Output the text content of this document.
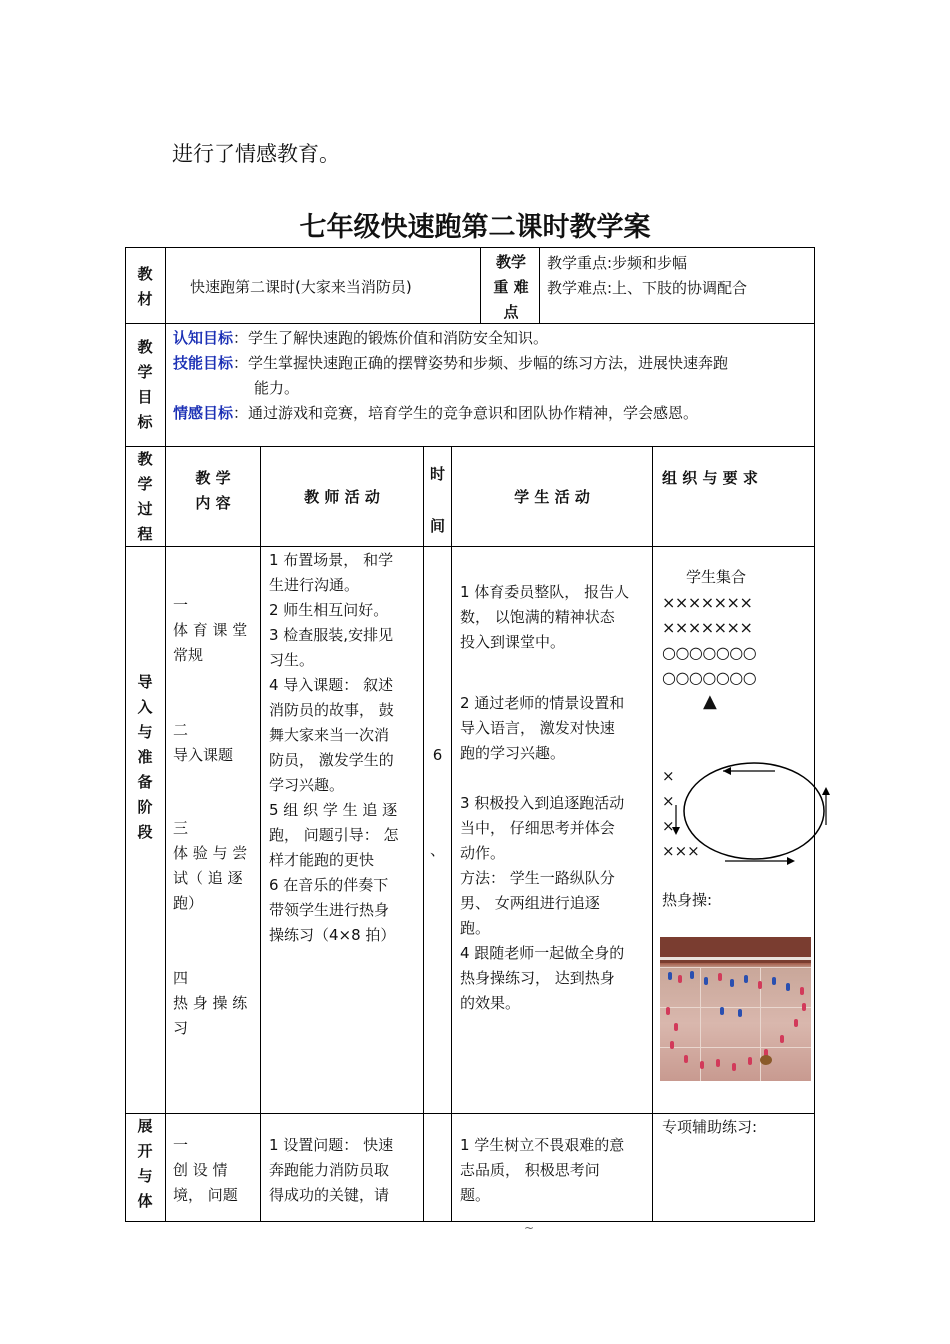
进行了情感教育。
七年级快速跑第二课时教学案
教
材
快速跑第二课时(大家来当消防员)
教学
重 难
点
教学重点:步频和步幅
教学难点:上、下肢的协调配合
教
学
目
标
认知目标：学生了解快速跑的锻炼价值和消防安全知识。
技能目标：学生掌握快速跑正确的摆臂姿势和步频、步幅的练习方法，进展快速奔跑
能力。
情感目标：通过游戏和竞赛，培育学生的竞争意识和团队协作精神，学会感恩。
教
学
过
程
教 学
内 容	教 师 活 动
时
间
学 生 活 动
组 织 与 要 求
导
入
与
准
备
阶
段
一
体 育 课 堂
常规
二
导入课题
三
体 验 与 尝
试（ 追 逐
跑）
四
热 身 操 练
习
1 布置场景， 和学
生进行沟通。
2 师生相互问好。
3 检查服装,安排见
习生。
4 导入课题： 叙述
消防员的故事， 鼓
舞大家来当一次消
防员， 激发学生的
学习兴趣。
5 组 织 学 生 追 逐
跑， 问题引导： 怎
样才能跑的更快
6 在音乐的伴奏下
带领学生进行热身
操练习（4×8 拍）
6
、
1 体育委员整队， 报告人
数， 以饱满的精神状态
投入到课堂中。
2 通过老师的情景设置和
导入语言， 激发对快速
跑的学习兴趣。
3 积极投入到追逐跑活动
当中， 仔细思考并体会
动作。
方法： 学生一路纵队分
男、 女两组进行追逐
跑。
4 跟随老师一起做全身的
热身操练习， 达到热身
的效果。
学生集合
×××××××
×××××××
○○○○○○○
○○○○○○○
▲
×
×
×
×××
热身操:
展
开
与
体
一
创 设 情
境， 问题
1 设置问题： 快速
奔跑能力消防员取
得成功的关键，请
1 学生树立不畏艰难的意
志品质， 积极思考问
题。
专项辅助练习:
~
